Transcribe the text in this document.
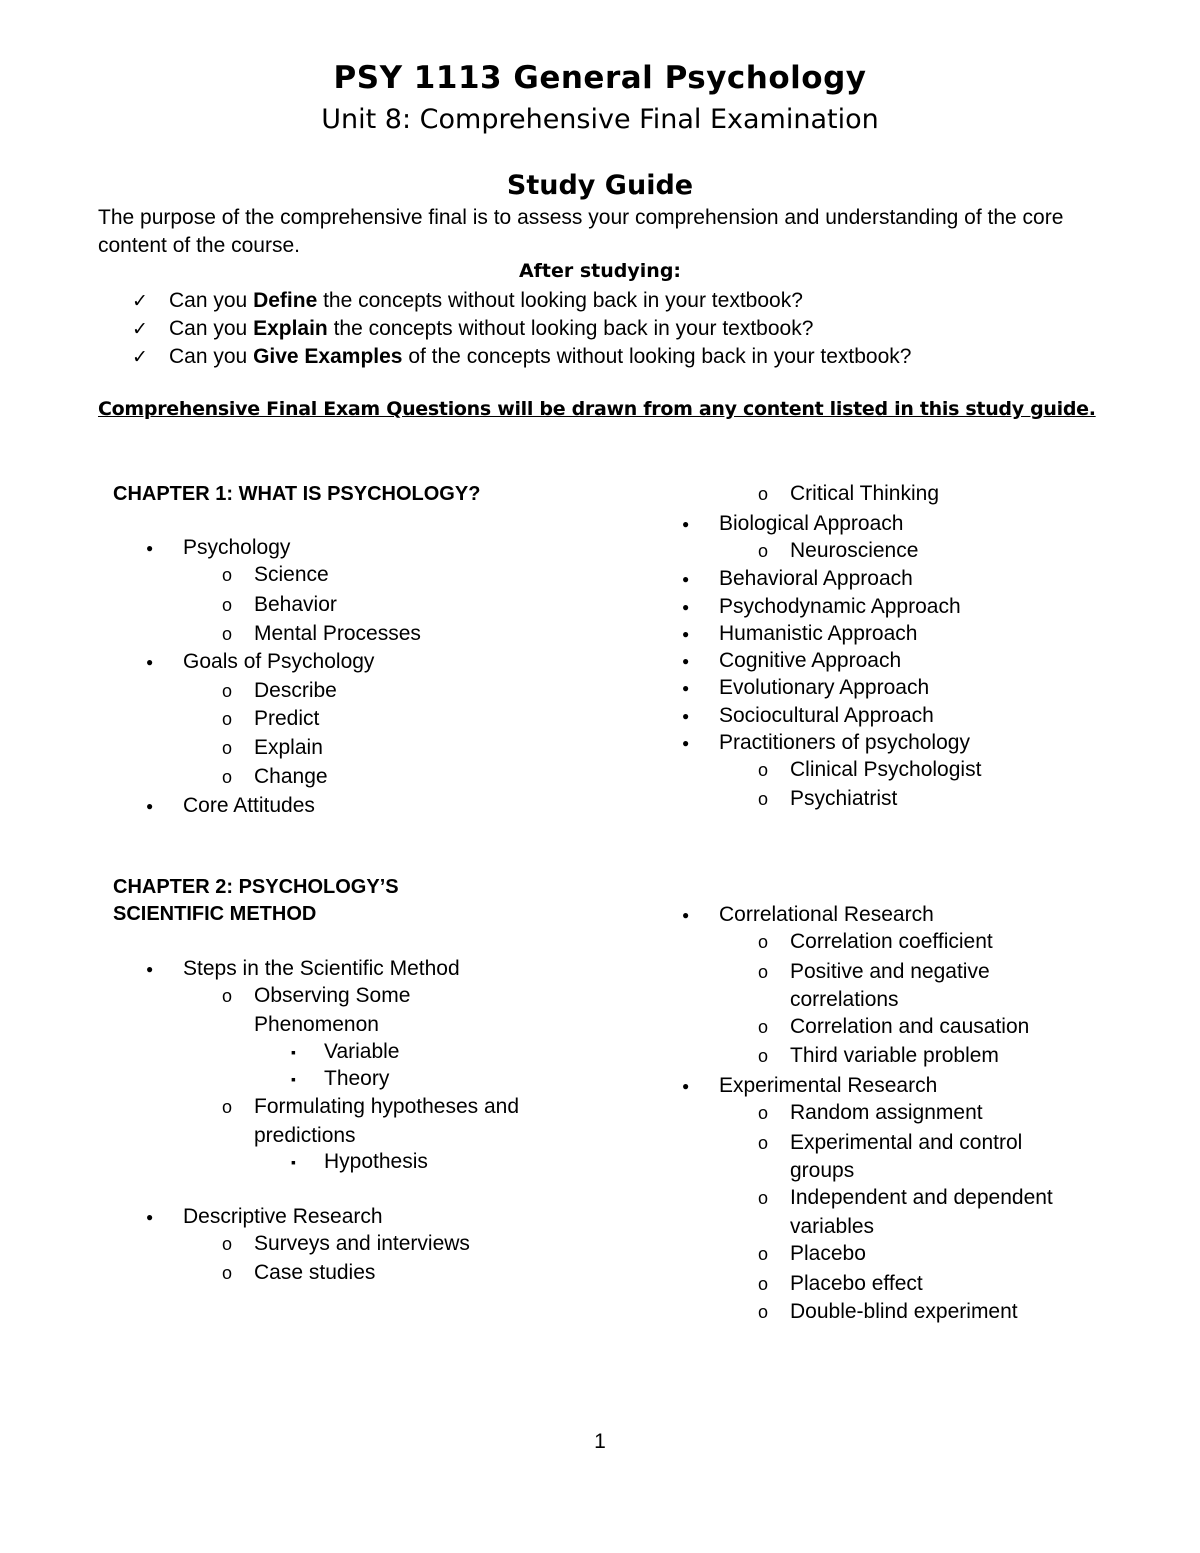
PSY 1113 General Psychology
Unit 8: Comprehensive Final Examination
Study Guide
The purpose of the comprehensive final is to assess your comprehension and understanding of the core content of the course.
After studying:
✓ Can you Define the concepts without looking back in your textbook?
✓ Can you Explain the concepts without looking back in your textbook?
✓ Can you Give Examples of the concepts without looking back in your textbook?
Comprehensive Final Exam Questions will be drawn from any content listed in this study guide.
CHAPTER 1: WHAT IS PSYCHOLOGY?
● Psychology
o Science
o Behavior
o Mental Processes
● Goals of Psychology
o Describe
o Predict
o Explain
o Change
● Core Attitudes
o Critical Thinking
● Biological Approach
o Neuroscience
● Behavioral Approach
● Psychodynamic Approach
● Humanistic Approach
● Cognitive Approach
● Evolutionary Approach
● Sociocultural Approach
● Practitioners of psychology
o Clinical Psychologist
o Psychiatrist
CHAPTER 2: PSYCHOLOGY’S
SCIENTIFIC METHOD
● Steps in the Scientific Method
o Observing Some
Phenomenon
▪ Variable
▪ Theory
o Formulating hypotheses and
predictions
▪ Hypothesis
● Descriptive Research
o Surveys and interviews
o Case studies
● Correlational Research
o Correlation coefficient
o Positive and negative
correlations
o Correlation and causation
o Third variable problem
● Experimental Research
o Random assignment
o Experimental and control
groups
o Independent and dependent
variables
o Placebo
o Placebo effect
o Double-blind experiment
1
